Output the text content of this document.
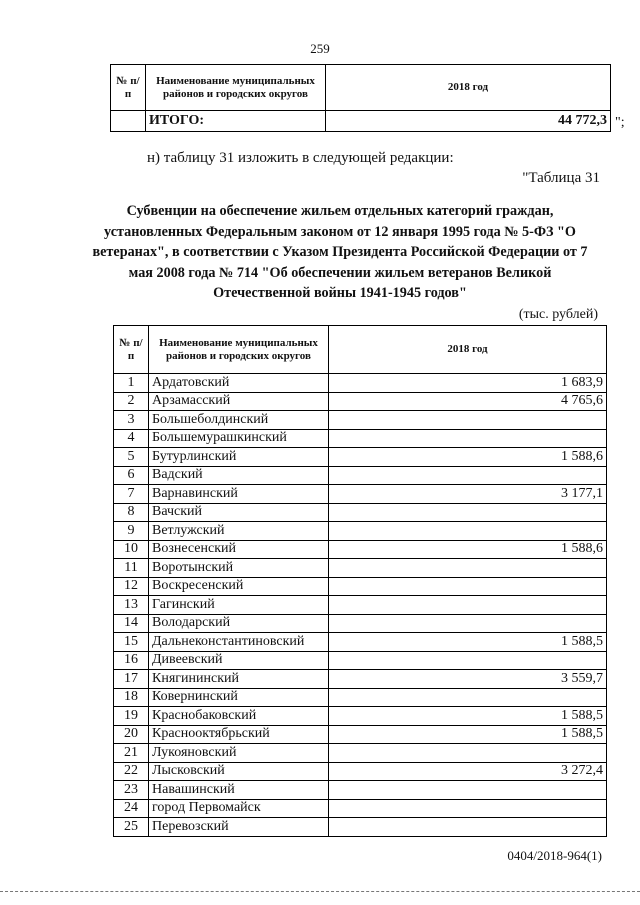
259
№ п/п	Наименование муниципальных районов и городских округов	2018 год
	ИТОГО:	44 772,3 ";
н) таблицу 31 изложить в следующей редакции:
"Таблица 31
Субвенции на обеспечение жильем отдельных категорий граждан, установленных Федеральным законом от 12 января 1995 года № 5-ФЗ "О ветеранах", в соответствии с Указом Президента Российской Федерации от 7 мая 2008 года № 714 "Об обеспечении жильем ветеранов Великой Отечественной войны 1941-1945 годов"
(тыс. рублей)
№ п/п	Наименование муниципальных районов и городских округов	2018 год
1	Ардатовский	1 683,9
2	Арзамасский	4 765,6
3	Большеболдинский	
4	Большемурашкинский	
5	Бутурлинский	1 588,6
6	Вадский	
7	Варнавинский	3 177,1
8	Вачский	
9	Ветлужский	
10	Вознесенский	1 588,6
11	Воротынский	
12	Воскресенский	
13	Гагинский	
14	Володарский	
15	Дальнеконстантиновский	1 588,5
16	Дивеевский	
17	Княгининский	3 559,7
18	Ковернинский	
19	Краснобаковский	1 588,5
20	Краснооктябрьский	1 588,5
21	Лукояновский	
22	Лысковский	3 272,4
23	Навашинский	
24	город Первомайск	
25	Перевозский	
0404/2018-964(1)
